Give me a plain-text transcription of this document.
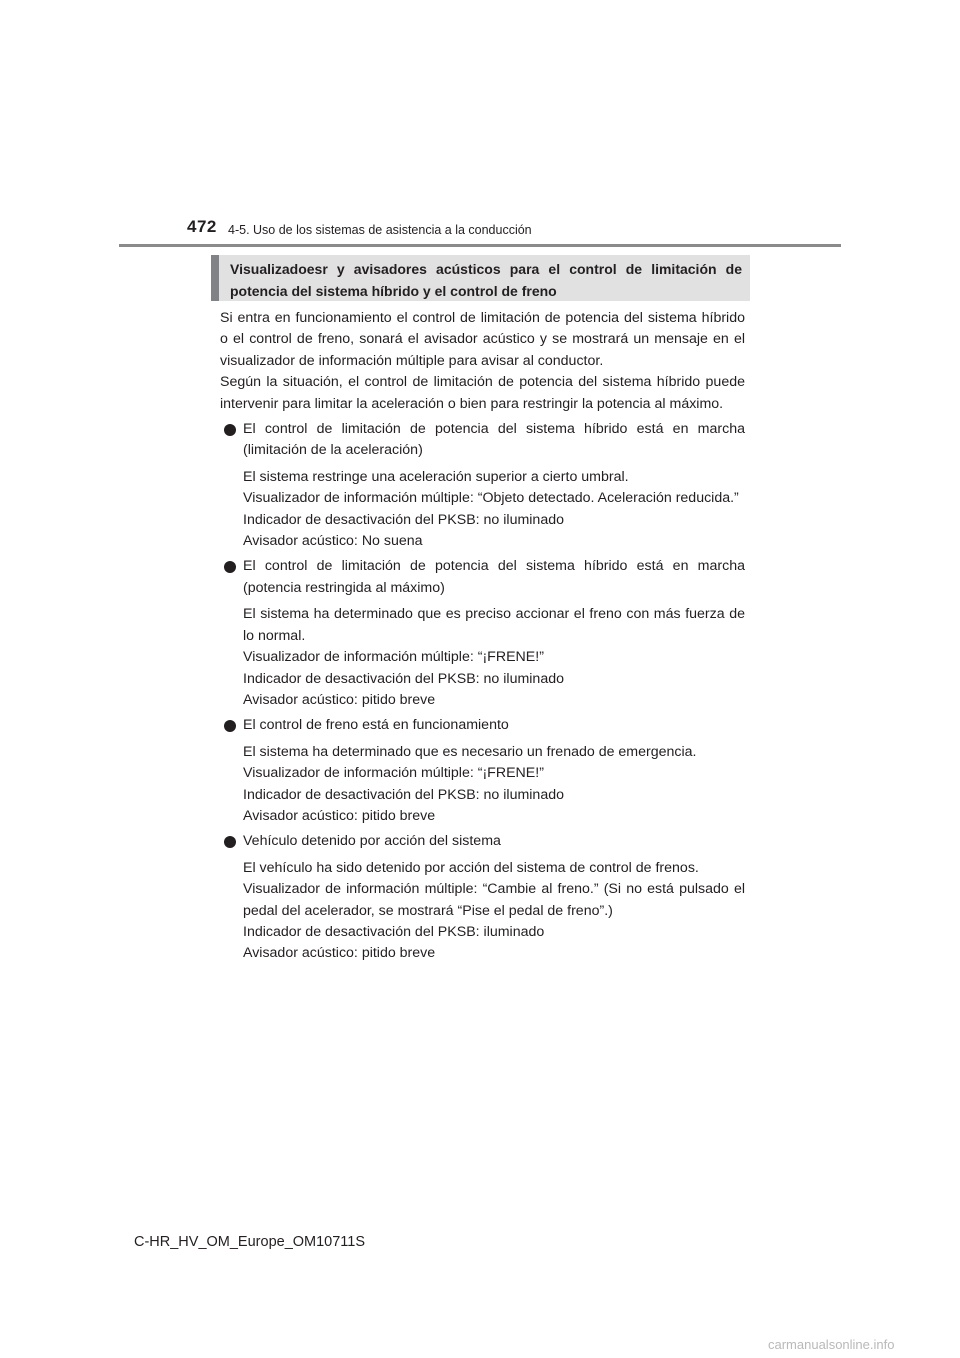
472 4-5. Uso de los sistemas de asistencia a la conducción
Visualizadoesr y avisadores acústicos para el control de limitación de potencia del sistema híbrido y el control de freno

Si entra en funcionamiento el control de limitación de potencia del sistema híbrido o el control de freno, sonará el avisador acústico y se mostrará un mensaje en el visualizador de información múltiple para avisar al conductor.

Según la situación, el control de limitación de potencia del sistema híbrido puede intervenir para limitar la aceleración o bien para restringir la potencia al máximo.

El control de limitación de potencia del sistema híbrido está en marcha (limitación de la aceleración)

El sistema restringe una aceleración superior a cierto umbral.

Visualizador de información múltiple: “Objeto detectado. Aceleración reducida.”

Indicador de desactivación del PKSB: no iluminado

Avisador acústico: No suena

El control de limitación de potencia del sistema híbrido está en marcha (potencia restringida al máximo)

El sistema ha determinado que es preciso accionar el freno con más fuerza de lo normal.

Visualizador de información múltiple: “¡FRENE!”

Indicador de desactivación del PKSB: no iluminado

Avisador acústico: pitido breve

El control de freno está en funcionamiento

El sistema ha determinado que es necesario un frenado de emergencia.

Visualizador de información múltiple: “¡FRENE!”

Indicador de desactivación del PKSB: no iluminado

Avisador acústico: pitido breve

Vehículo detenido por acción del sistema

El vehículo ha sido detenido por acción del sistema de control de frenos.

Visualizador de información múltiple: “Cambie al freno.” (Si no está pulsado el pedal del acelerador, se mostrará “Pise el pedal de freno”.)

Indicador de desactivación del PKSB: iluminado

Avisador acústico: pitido breve

C-HR_HV_OM_Europe_OM10711S
carmanualsonline.info
